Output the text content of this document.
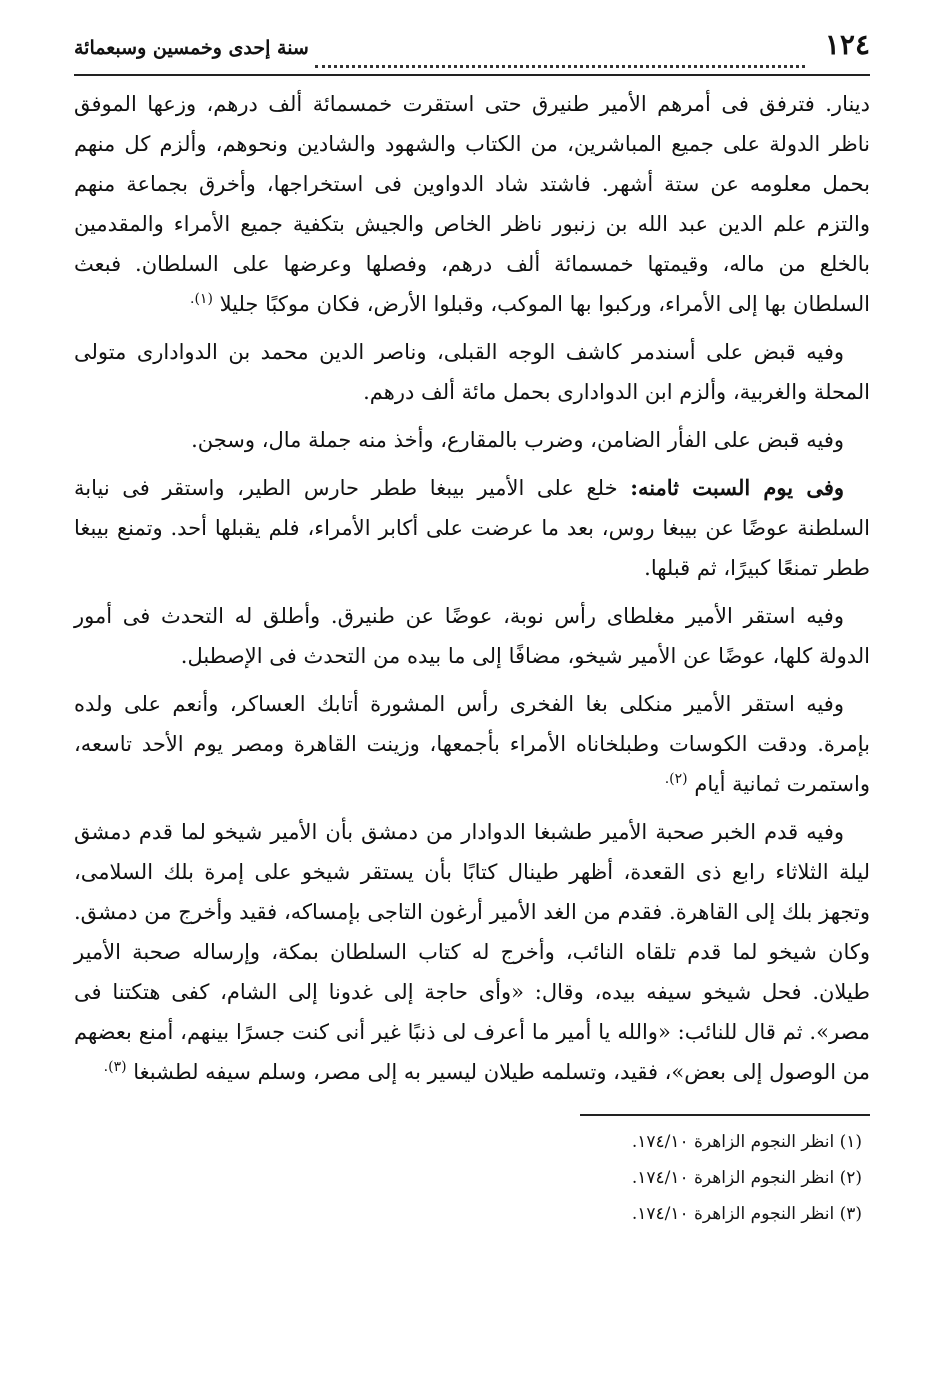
١٢٤
سنة إحدى وخمسين وسبعمائة

دينار. فترفق فى أمرهم الأمير طنيرق حتى استقرت خمسمائة ألف درهم، وزعها الموفق ناظر الدولة على جميع المباشرين، من الكتاب والشهود والشادين ونحوهم، وألزم كل منهم بحمل معلومه عن ستة أشهر. فاشتد شاد الدواوين فى استخراجها، وأخرق بجماعة منهم والتزم علم الدين عبد الله بن زنبور ناظر الخاص والجيش بتكفية جميع الأمراء والمقدمين بالخلع من ماله، وقيمتها خمسمائة ألف درهم، وفصلها وعرضها على السلطان. فبعث السلطان بها إلى الأمراء، وركبوا بها الموكب، وقبلوا الأرض، فكان موكبًا جليلا $^{(١).}$

وفيه قبض على أسندمر كاشف الوجه القبلى، وناصر الدين محمد بن الدوادارى متولى المحلة والغربية، وألزم ابن الدوادارى بحمل مائة ألف درهم.

وفيه قبض على الفأر الضامن، وضرب بالمقارع، وأخذ منه جملة مال، وسجن.

وفى يوم السبت ثامنه: خلع على الأمير بيبغا ططر حارس الطير، واستقر فى نيابة السلطنة عوضًا عن بيبغا روس، بعد ما عرضت على أكابر الأمراء، فلم يقبلها أحد. وتمنع بيبغا ططر تمنعًا كبيرًا، ثم قبلها.

وفيه استقر الأمير مغلطاى رأس نوبة، عوضًا عن طنيرق. وأطلق له التحدث فى أمور الدولة كلها، عوضًا عن الأمير شيخو، مضافًا إلى ما بيده من التحدث فى الإصطبل.

وفيه استقر الأمير منكلى بغا الفخرى رأس المشورة أتابك العساكر، وأنعم على ولده بإمرة. ودقت الكوسات وطبلخاناه الأمراء بأجمعها، وزينت القاهرة ومصر يوم الأحد تاسعه، واستمرت ثمانية أيام $^{(٢).}$

وفيه قدم الخبر صحبة الأمير طشبغا الدوادار من دمشق بأن الأمير شيخو لما قدم دمشق ليلة الثلاثاء رابع ذى القعدة، أظهر طينال كتابًا بأن يستقر شيخو على إمرة بلك السلامى، وتجهز بلك إلى القاهرة. فقدم من الغد الأمير أرغون التاجى بإمساكه، فقيد وأخرج من دمشق. وكان شيخو لما قدم تلقاه النائب، وأخرج له كتاب السلطان بمكة، وإرساله صحبة الأمير طيلان. فحل شيخو سيفه بيده، وقال: «وأى حاجة إلى غدونا إلى الشام، كفى هتكتنا فى مصر». ثم قال للنائب: «والله يا أمير ما أعرف لى ذنبًا غير أنى كنت جسرًا بينهم، أمنع بعضهم من الوصول إلى بعض»، فقيد، وتسلمه طيلان ليسير به إلى مصر، وسلم سيفه لطشبغا $^{(٣).}$

(١) انظر النجوم الزاهرة ١٧٤/١٠.
(٢) انظر النجوم الزاهرة ١٧٤/١٠.
(٣) انظر النجوم الزاهرة ١٧٤/١٠.
